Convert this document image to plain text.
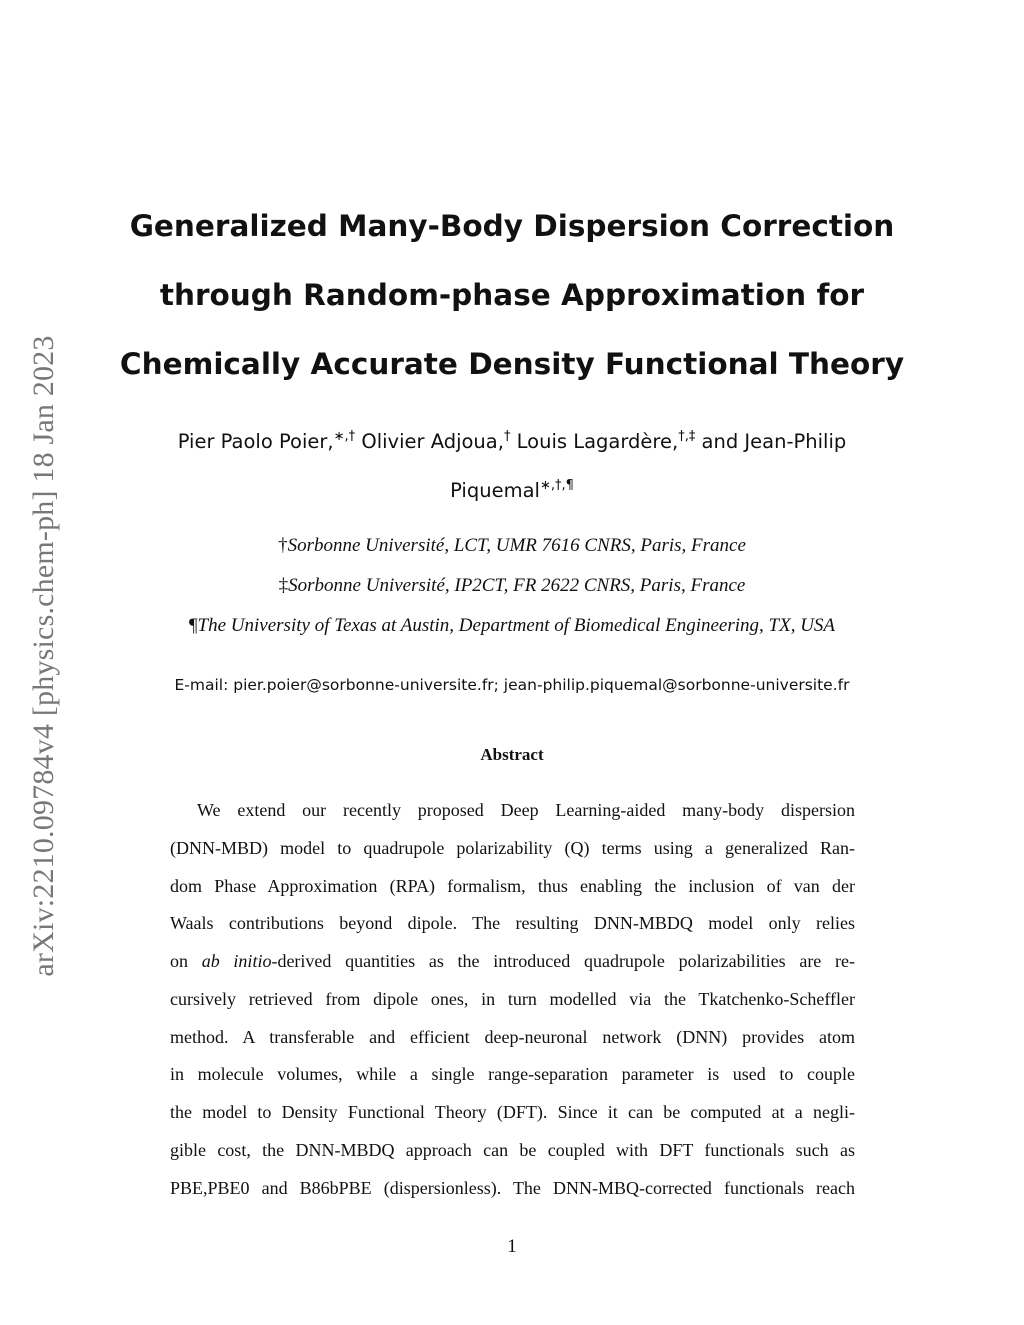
arXiv:2210.09784v4 [physics.chem-ph] 18 Jan 2023
Generalized Many-Body Dispersion Correction
through Random-phase Approximation for
Chemically Accurate Density Functional Theory
Pier Paolo Poier,∗,† Olivier Adjoua,† Louis Lagardère,†,‡ and Jean-Philip
Piquemal∗,†,¶
†Sorbonne Université, LCT, UMR 7616 CNRS, Paris, France
‡Sorbonne Université, IP2CT, FR 2622 CNRS, Paris, France
¶The University of Texas at Austin, Department of Biomedical Engineering, TX, USA
E-mail: pier.poier@sorbonne-universite.fr; jean-philip.piquemal@sorbonne-universite.fr
Abstract
We extend our recently proposed Deep Learning-aided many-body dispersion
(DNN-MBD) model to quadrupole polarizability (Q) terms using a generalized Ran-
dom Phase Approximation (RPA) formalism, thus enabling the inclusion of van der
Waals contributions beyond dipole. The resulting DNN-MBDQ model only relies
on ab initio-derived quantities as the introduced quadrupole polarizabilities are re-
cursively retrieved from dipole ones, in turn modelled via the Tkatchenko-Scheffler
method. A transferable and efficient deep-neuronal network (DNN) provides atom
in molecule volumes, while a single range-separation parameter is used to couple
the model to Density Functional Theory (DFT). Since it can be computed at a negli-
gible cost, the DNN-MBDQ approach can be coupled with DFT functionals such as
PBE,PBE0 and B86bPBE (dispersionless). The DNN-MBQ-corrected functionals reach
1
